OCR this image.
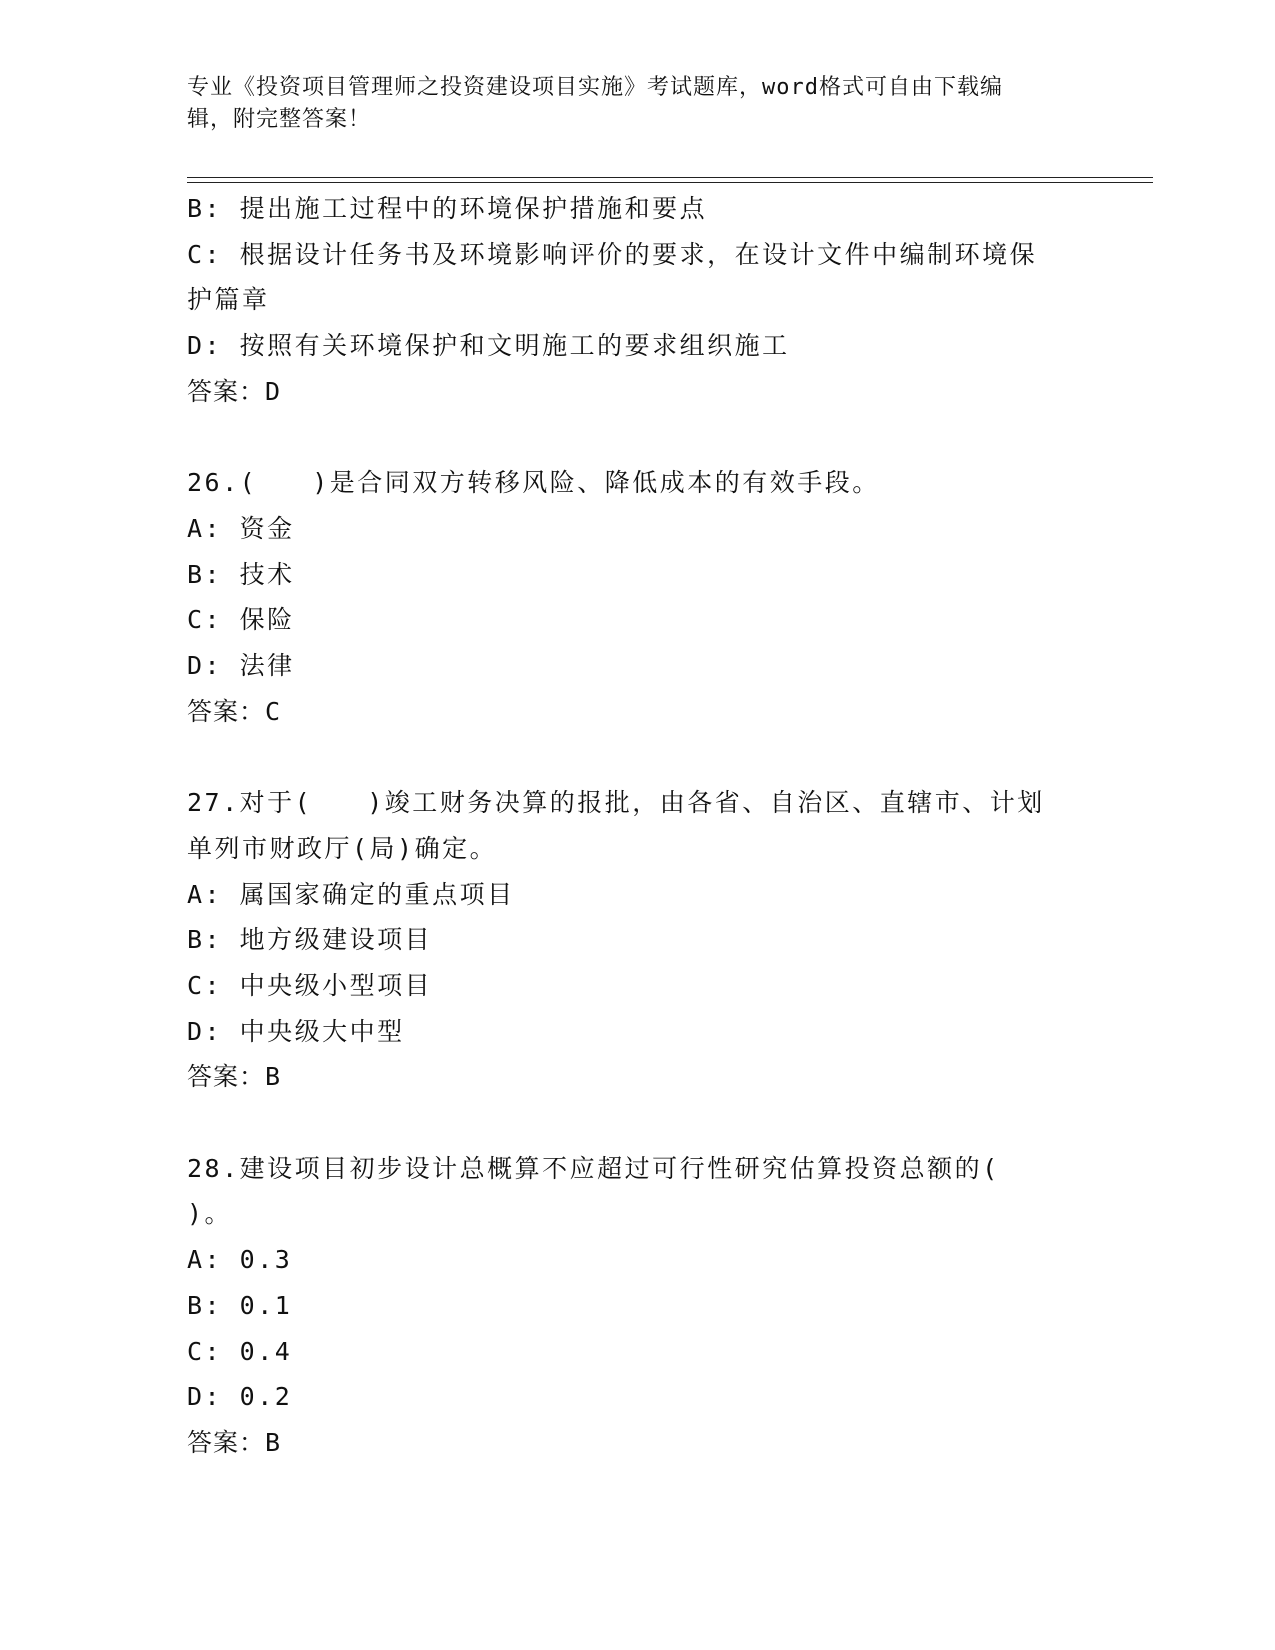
专业《投资项目管理师之投资建设项目实施》考试题库，word格式可自由下载编
辑，附完整答案！
B: 提出施工过程中的环境保护措施和要点
C: 根据设计任务书及环境影响评价的要求，在设计文件中编制环境保
护篇章
D: 按照有关环境保护和文明施工的要求组织施工
答案：D
26.(　　)是合同双方转移风险、降低成本的有效手段。
A: 资金
B: 技术
C: 保险
D: 法律
答案：C
27.对于(　　)竣工财务决算的报批，由各省、自治区、直辖市、计划
单列市财政厅(局)确定。
A: 属国家确定的重点项目
B: 地方级建设项目
C: 中央级小型项目
D: 中央级大中型
答案：B
28.建设项目初步设计总概算不应超过可行性研究估算投资总额的(
)。
A: 0.3
B: 0.1
C: 0.4
D: 0.2
答案：B
